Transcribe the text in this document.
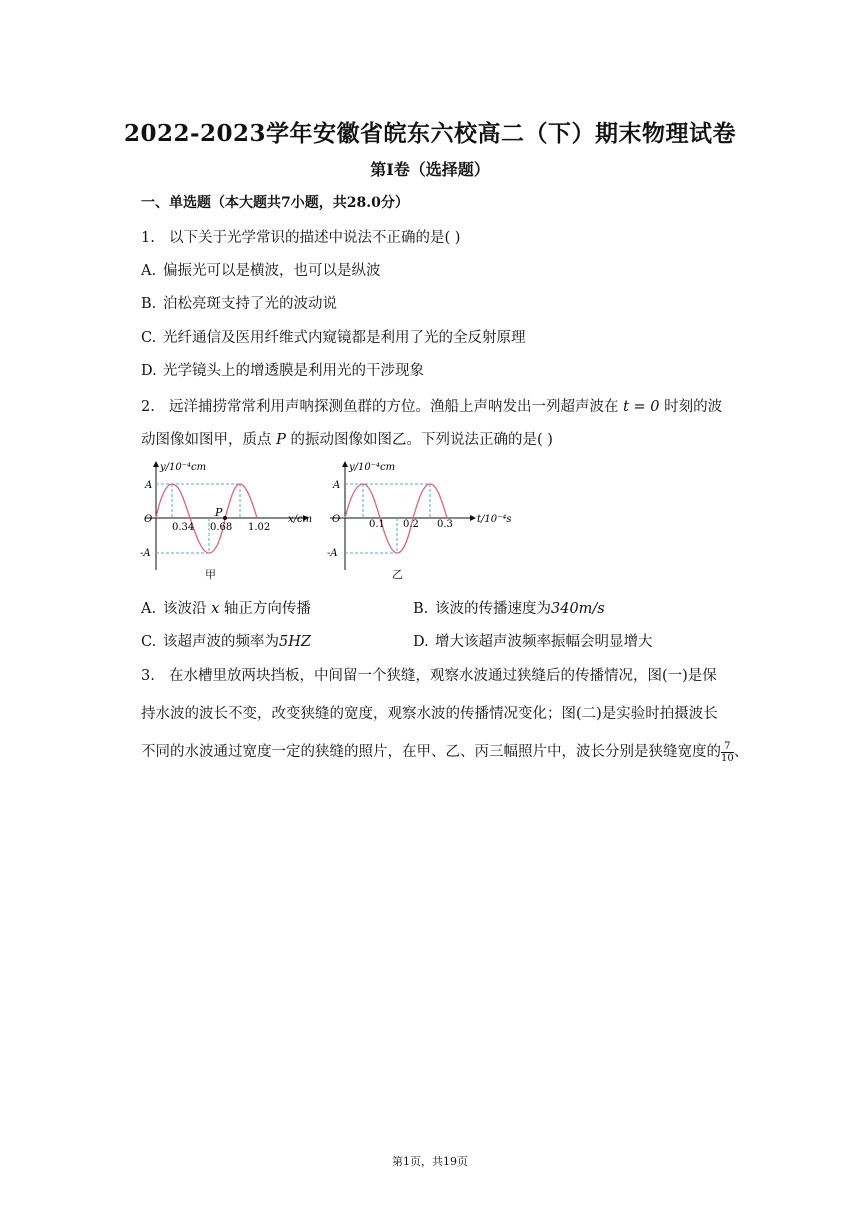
2022-2023学年安徽省皖东六校高二（下）期末物理试卷
第I卷（选择题）
一、单选题（本大题共7小题，共28.0分）
1. 以下关于光学常识的描述中说法不正确的是( )
A. 偏振光可以是横波，也可以是纵波
B. 泊松亮斑支持了光的波动说
C. 光纤通信及医用纤维式内窥镜都是利用了光的全反射原理
D. 光学镜头上的增透膜是利用光的干涉现象
2. 远洋捕捞常常利用声呐探测鱼群的方位。渔船上声呐发出一列超声波在 t = 0 时刻的波
动图像如图甲，质点 P 的振动图像如图乙。下列说法正确的是( )
y/10⁻⁴cm
A
O
-A
0.34 0.68 1.02
P
x/cm
甲
y/10⁻⁴cm
A
O
-A
0.1 0.2 0.3 t/10⁻⁴s
乙
A. 该波沿 x 轴正方向传播	B. 该波的传播速度为340m/s
C. 该超声波的频率为5HZ	D. 增大该超声波频率振幅会明显增大
3. 在水槽里放两块挡板，中间留一个狭缝，观察水波通过狭缝后的传播情况，图(一)是保
持水波的波长不变，改变狭缝的宽度，观察水波的传播情况变化；图(二)是实验时拍摄波长
不同的水波通过宽度一定的狭缝的照片，在甲、乙、丙三幅照片中，波长分别是狭缝宽度的 $\frac{7}{10}$ 、
第1页，共19页
